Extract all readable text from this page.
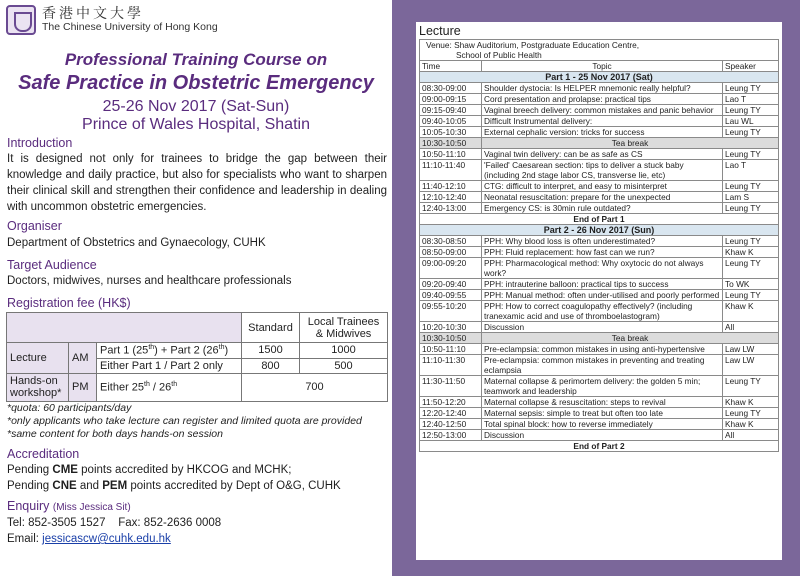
香港中文大學
The Chinese University of Hong Kong
Professional Training Course on
Safe Practice in Obstetric Emergency
25-26 Nov 2017 (Sat-Sun)
Prince of Wales Hospital, Shatin
Introduction
It is designed not only for trainees to bridge the gap between their knowledge and daily practice, but also for specialists who want to sharpen their clinical skill and strengthen their confidence and leadership in dealing with uncommon obstetric emergencies.
Organiser
Department of Obstetrics and Gynaecology, CUHK
Target Audience
Doctors, midwives, nurses and healthcare professionals
Registration fee (HK$)
			Standard	Local Trainees & Midwives
Lecture	AM	Part 1 (25th) + Part 2 (26th)	1500	1000
		Either Part 1 / Part 2 only	800	500
Hands-on workshop*	PM	Either 25th / 26th	700	
*quota: 60 participants/day
*only applicants who take lecture can register and limited quota are provided
*same content for both days hands-on session
Accreditation
Pending CME points accredited by HKCOG and MCHK;
Pending CNE and PEM points accredited by Dept of O&G, CUHK
Enquiry (Miss Jessica Sit)
Tel: 852-3505 1527    Fax: 852-2636 0008
Email: jessicascw@cuhk.edu.hk
Lecture
Venue: Shaw Auditorium, Postgraduate Education Centre,
School of Public Health		

Time	Topic	Speaker
Part 1 - 25 Nov 2017 (Sat)		
08:30-09:00	Shoulder dystocia: Is HELPER mnemonic really helpful?	Leung TY
09:00-09:15	Cord presentation and prolapse: practical tips	Lao T
09:15-09:40	Vaginal breech delivery: common mistakes and panic behavior	Leung TY
09:40-10:05	Difficult Instrumental delivery:	Lau WL
10:05-10:30	External cephalic version: tricks for success	Leung TY
10:30-10:50	Tea break	
10:50-11:10	Vaginal twin delivery: can be as safe as CS	Leung TY
11:10-11:40	'Failed' Caesarean section: tips to deliver a stuck baby (including 2nd stage labor CS, transverse lie, etc)	Lao T
11:40-12:10	CTG: difficult to interpret, and easy to misinterpret	Leung TY
12:10-12:40	Neonatal resuscitation: prepare for the unexpected	Lam S
12:40-13:00	Emergency CS: is 30min rule outdated?	Leung TY
End of Part 1		
Part 2 - 26 Nov 2017 (Sun)		
08:30-08:50	PPH: Why blood loss is often underestimated?	Leung TY
08:50-09:00	PPH: Fluid replacement: how fast can we run?	Khaw K
09:00-09:20	PPH: Pharmacological method: Why oxytocic do not always work?	Leung TY
09:20-09:40	PPH: intrauterine balloon: practical tips to success	To WK
09:40-09:55	PPH: Manual method: often under-utilised and poorly performed	Leung TY
09:55-10:20	PPH: How to correct coagulopathy effectively? (including tranexamic acid and use of thromboelastogram)	Khaw K
10:20-10:30	Discussion	All
10:30-10:50	Tea break	
10:50-11:10	Pre-eclampsia: common mistakes in using anti-hypertensive	Law LW
11:10-11:30	Pre-eclampsia: common mistakes in preventing and treating eclampsia	Law LW
11:30-11:50	Maternal collapse & perimortem delivery: the golden 5 min; teamwork and leadership	Leung TY
11:50-12:20	Maternal collapse & resuscitation: steps to revival	Khaw K
12:20-12:40	Maternal sepsis: simple to treat but often too late	Leung TY
12:40-12:50	Total spinal block: how to reverse immediately	Khaw K
12:50-13:00	Discussion	All
End of Part 2		
